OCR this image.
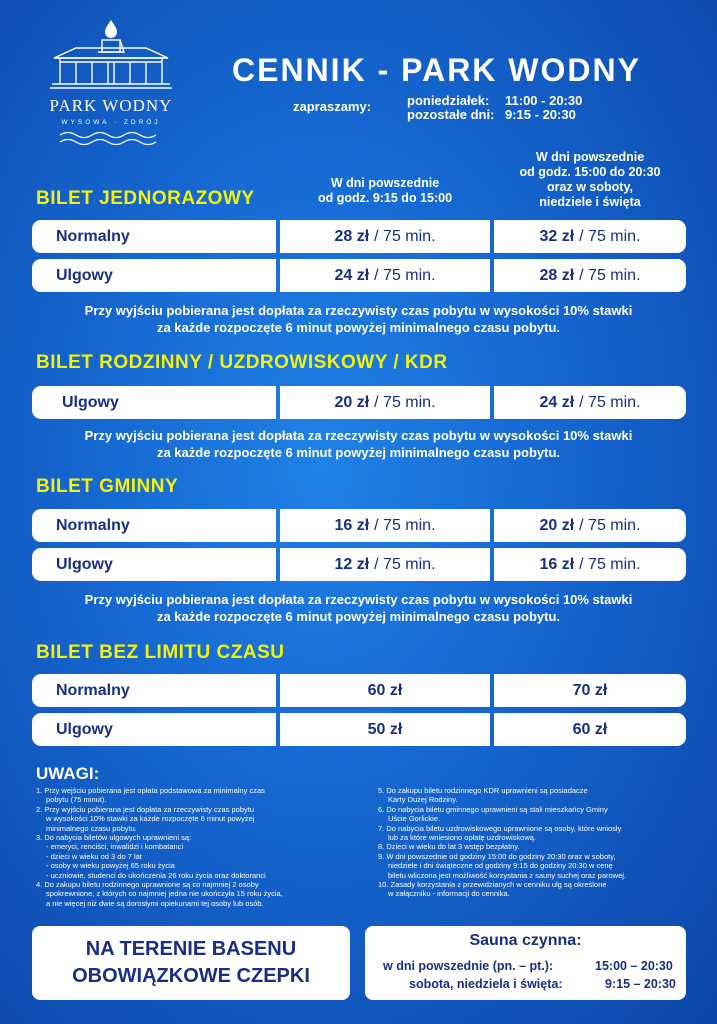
PARK WODNY
WYSOWA · ZDRÓJ
CENNIK - PARK WODNY
zapraszamy:	poniedziałek: 11:00 - 20:30
pozostałe dni: 9:15 - 20:30
W dni powszednie
od godz. 9:15 do 15:00
W dni powszednie
od godz. 15:00 do 20:30
oraz w soboty,
niedziele i święta
BILET JEDNORAZOWY
Normalny	28 zł / 75 min.	32 zł / 75 min.
Ulgowy	24 zł / 75 min.	28 zł / 75 min.
Przy wyjściu pobierana jest dopłata za rzeczywisty czas pobytu w wysokości 10% stawki
za każde rozpoczęte 6 minut powyżej minimalnego czasu pobytu.
BILET RODZINNY / UZDROWISKOWY / KDR
Ulgowy	20 zł / 75 min.	24 zł / 75 min.
Przy wyjściu pobierana jest dopłata za rzeczywisty czas pobytu w wysokości 10% stawki
za każde rozpoczęte 6 minut powyżej minimalnego czasu pobytu.
BILET GMINNY
Normalny	16 zł / 75 min.	20 zł / 75 min.
Ulgowy	12 zł / 75 min.	16 zł / 75 min.
Przy wyjściu pobierana jest dopłata za rzeczywisty czas pobytu w wysokości 10% stawki
za każde rozpoczęte 6 minut powyżej minimalnego czasu pobytu.
BILET BEZ LIMITU CZASU
Normalny	60 zł	70 zł
Ulgowy	50 zł	60 zł
UWAGI:
1. Przy wejściu pobierana jest opłata podstawowa za minimalny czas
pobytu (75 minut).
2. Przy wyjściu pobierana jest dopłata za rzeczywisty czas pobytu
w wysokości 10% stawki za każde rozpoczęte 6 minut powyżej
minimalnego czasu pobytu.
3. Do nabycia biletów ulgowych uprawnieni są:
- emeryci, renciści, inwalidzi i kombatanci
- dzieci w wieku od 3 do 7 lat
- osoby w wieku powyżej 65 roku życia
- uczniowie, studenci do ukończenia 26 roku życia oraz doktoranci
4. Do zakupu biletu rodzinnego uprawnione są co najmniej 2 osoby
spokrewnione, z których co najmniej jedna nie ukończyła 15 roku życia,
a nie więcej niż dwie są dorosłymi opiekunami tej osoby lub osób.
5. Do zakupu biletu rodzinnego KDR uprawnieni są posiadacze
Karty Dużej Rodziny.
6. Do nabycia biletu gminnego uprawnieni są stali mieszkańcy Gminy
Uście Gorlickie.
7. Do nabycia biletu uzdrowiskowego uprawnione są osoby, które wniosły
lub za które wniesiono opłatę uzdrowiskową.
8. Dzieci w wieku do lat 3 wstęp bezpłatny.
9. W dni powszednie od godziny 15:00 do godziny 20:30 oraz w soboty,
niedziele i dni świąteczne od godziny 9:15 do godziny 20:30 w cenę
biletu wliczona jest możliwość korzystania z sauny suchej oraz parowej.
10. Zasady korzystania z przewidzianych w cenniku ulg są określone
w załączniku - informacji do cennika.
NA TERENIE BASENU
OBOWIĄZKOWE CZEPKI
Sauna czynna:
w dni powszednie (pn. – pt.):	15:00 – 20:30
sobota, niedziela i święta:	9:15 – 20:30
